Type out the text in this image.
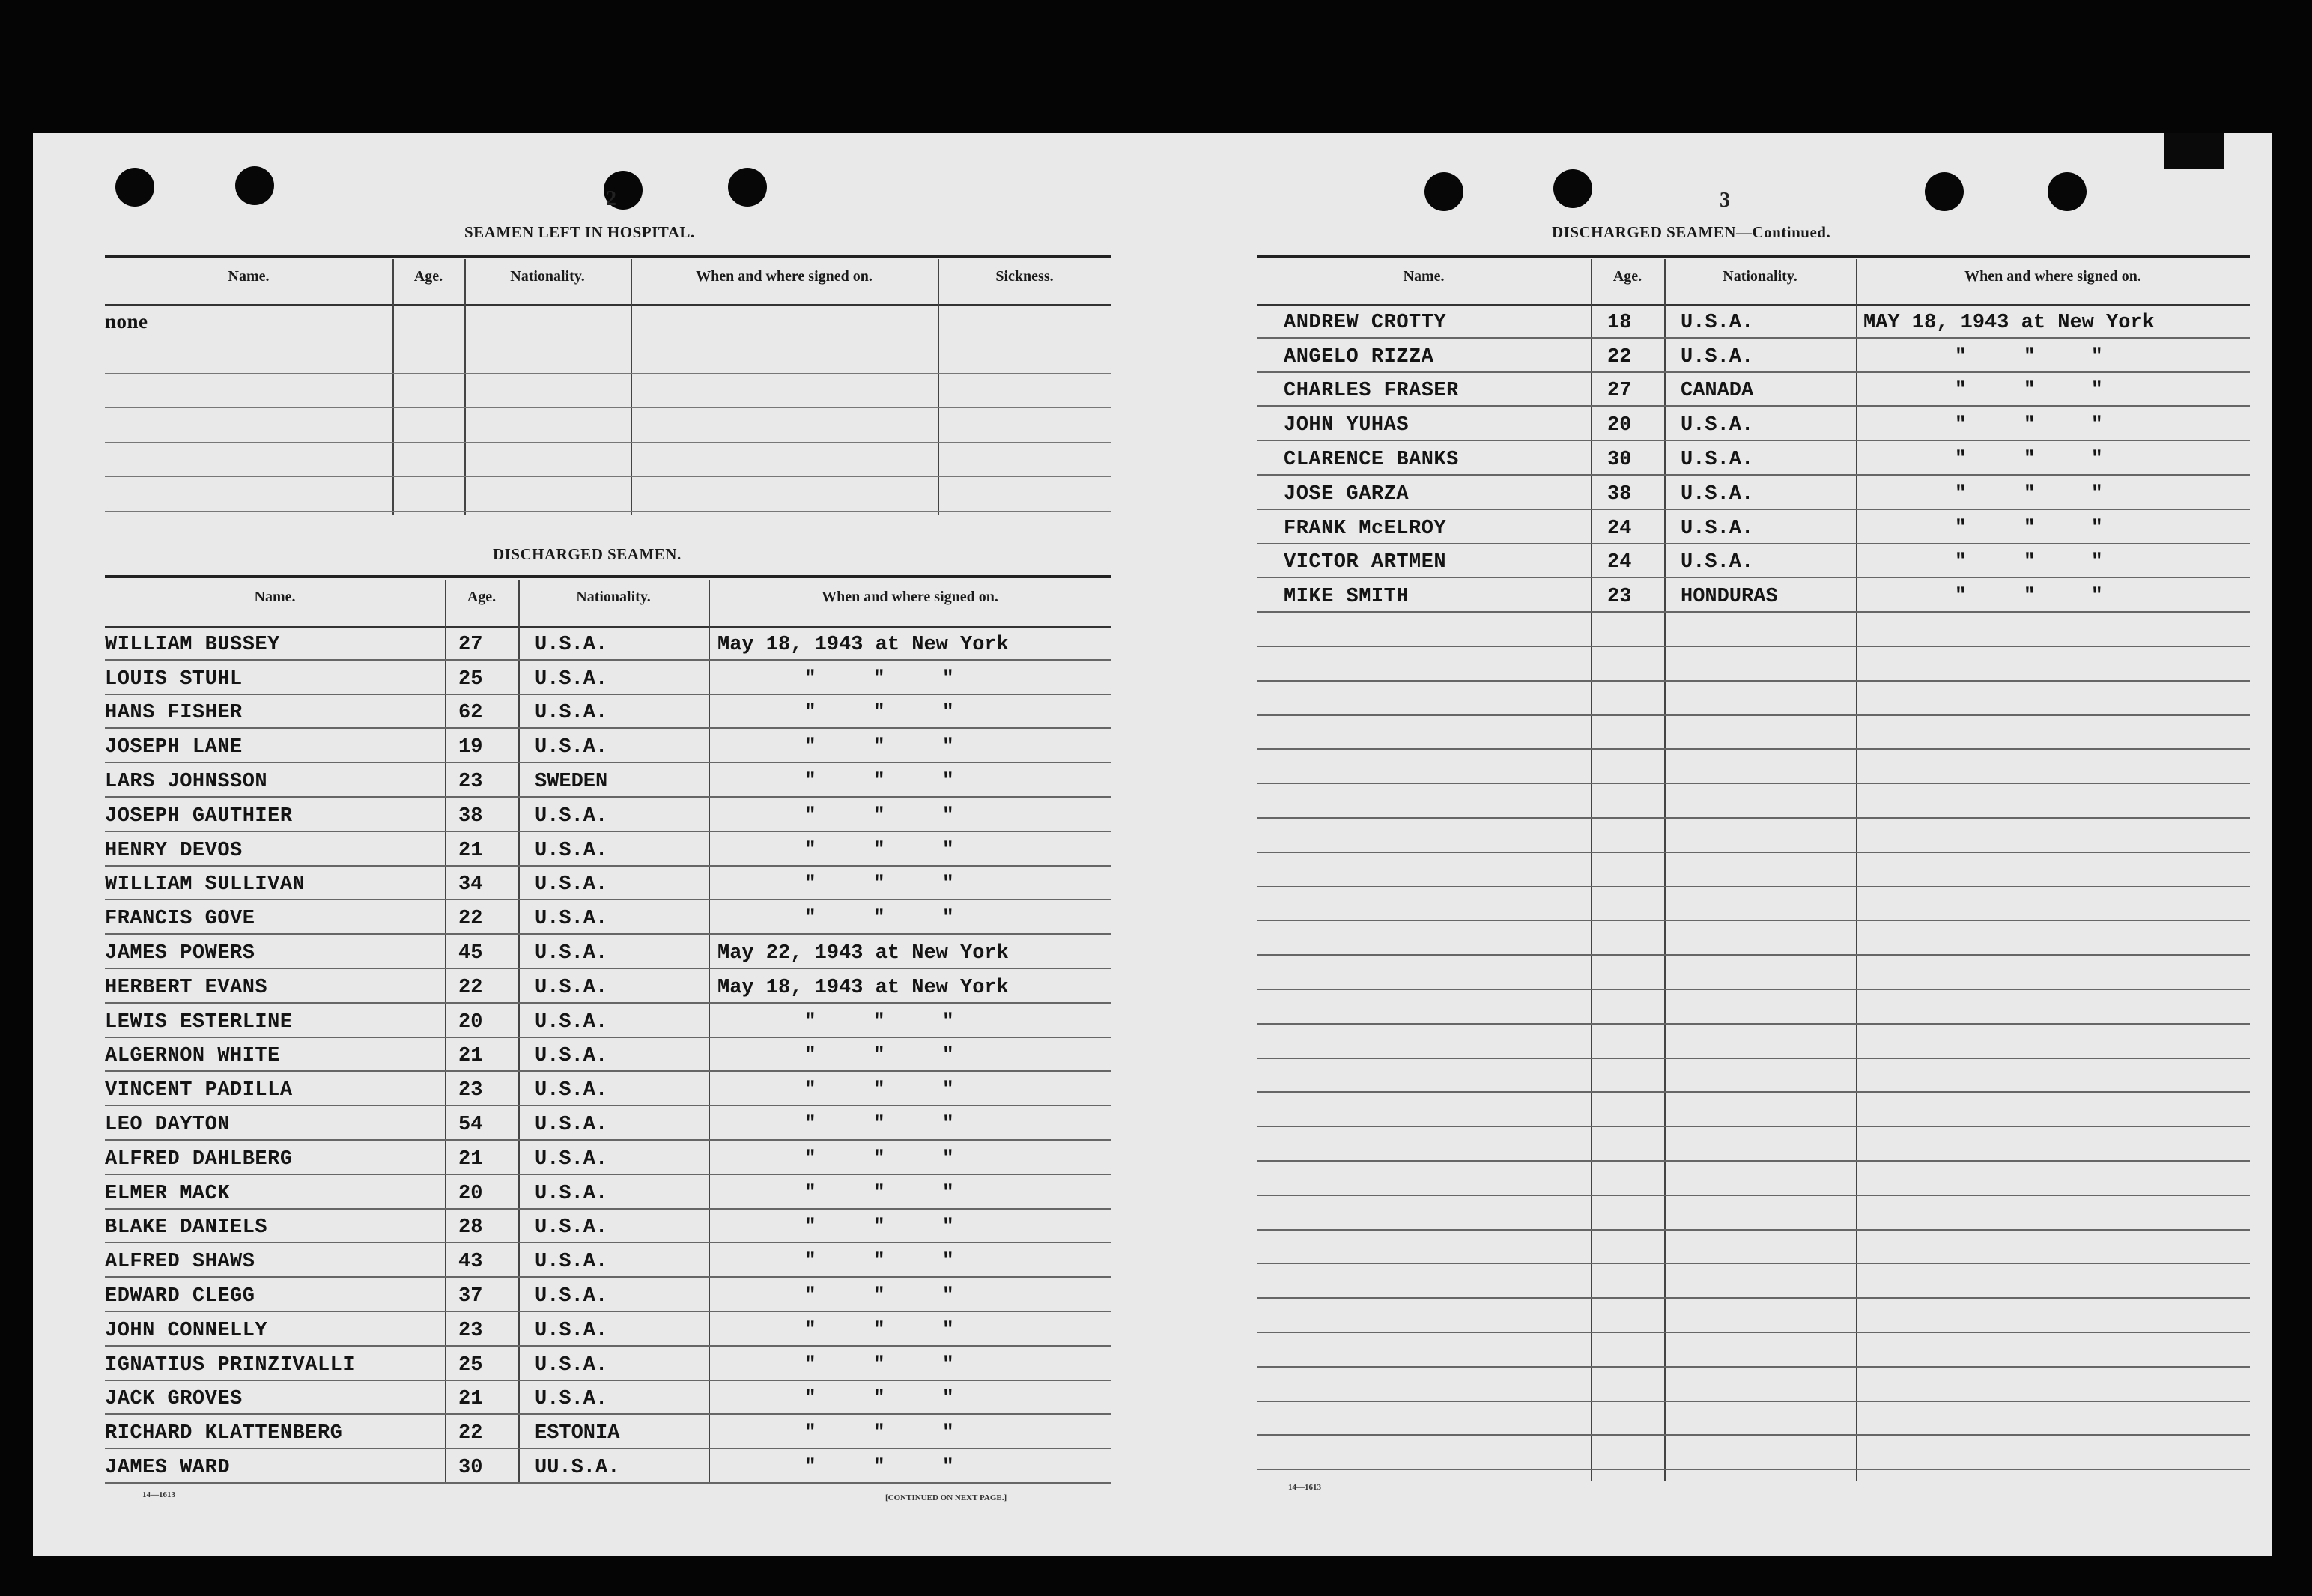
2
SEAMEN LEFT IN HOSPITAL.
Name.	Age.	Nationality.	When and where signed on.	Sickness.
none
DISCHARGED SEAMEN.
Name.	Age.	Nationality.	When and where signed on.
WILLIAM BUSSEY	27	U.S.A.	May 18, 1943 at New York
LOUIS STUHL	25	U.S.A.	"	"	"
HANS FISHER	62	U.S.A.	"	"	"
JOSEPH LANE	19	U.S.A.	"	"	"
LARS JOHNSSON	23	SWEDEN	"	"	"
JOSEPH GAUTHIER	38	U.S.A.	"	"	"
HENRY DEVOS	21	U.S.A.	"	"	"
WILLIAM SULLIVAN	34	U.S.A.	"	"	"
FRANCIS GOVE	22	U.S.A.	"	"	"
JAMES POWERS	45	U.S.A.	May 22, 1943 at New York
HERBERT EVANS	22	U.S.A.	May 18, 1943 at New York
LEWIS ESTERLINE	20	U.S.A.	"	"	"
ALGERNON WHITE	21	U.S.A.	"	"	"
VINCENT PADILLA	23	U.S.A.	"	"	"
LEO DAYTON	54	U.S.A.	"	"	"
ALFRED DAHLBERG	21	U.S.A.	"	"	"
ELMER MACK	20	U.S.A.	"	"	"
BLAKE DANIELS	28	U.S.A.	"	"	"
ALFRED SHAWS	43	U.S.A.	"	"	"
EDWARD CLEGG	37	U.S.A.	"	"	"
JOHN CONNELLY	23	U.S.A.	"	"	"
IGNATIUS PRINZIVALLI	25	U.S.A.	"	"	"
JACK GROVES	21	U.S.A.	"	"	"
RICHARD KLATTENBERG	22	ESTONIA	"	"	"
JAMES WARD	30	UU.S.A.	"	"	"
14—1613	[CONTINUED ON NEXT PAGE.]
3
DISCHARGED SEAMEN—Continued.
Name.	Age.	Nationality.	When and where signed on.
ANDREW CROTTY	18 U.S.A.	MAY 18, 1943 at New York
ANGELO RIZZA	22 U.S.A.	"	"	"
CHARLES FRASER	27 CANADA	"	"	"
JOHN YUHAS	20 U.S.A.	"	"	"
CLARENCE BANKS	30 U.S.A.	"	"	"
JOSE GARZA	38 U.S.A.	"	"	"
FRANK McELROY	24 U.S.A.	"	"	"
VICTOR ARTMEN	24 U.S.A.	"	"	"
MIKE SMITH	23 HONDURAS	"	"	"
14—1613
